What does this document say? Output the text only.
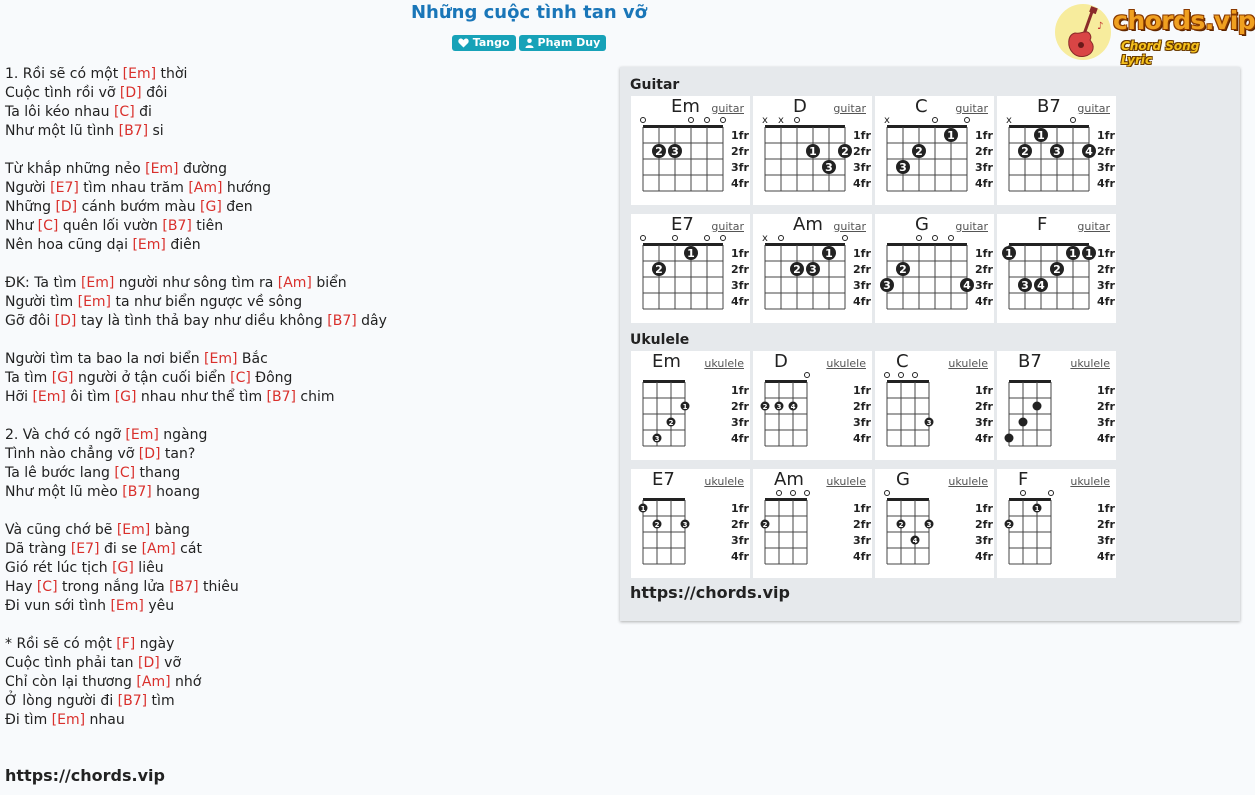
Những cuộc tình tan vỡ
Tango	Phạm Duy
♪ chords.vip
Chord Song Lyric
1. Rồi sẽ có một [Em] thời
Cuộc tình rồi vỡ [D] đôi
Ta lôi kéo nhau [C] đi
Như một lũ tình [B7] si
Từ khắp những nẻo [Em] đường
Người [E7] tìm nhau trăm [Am] hướng
Những [D] cánh bướm màu [G] đen
Như [C] quên lối vườn [B7] tiên
Nên hoa cũng dại [Em] điên
ĐK: Ta tìm [Em] người như sông tìm ra [Am] biển
Người tìm [Em] ta như biển ngược về sông
Gỡ đôi [D] tay là tình thả bay như diều không [B7] dây
Người tìm ta bao la nơi biển [Em] Bắc
Ta tìm [G] người ở tận cuối biển [C] Đông
Hỡi [Em] ôi tìm [G] nhau như thể tìm [B7] chim
2. Và chớ có ngỡ [Em] ngàng
Tình nào chẳng vỡ [D] tan?
Ta lê bước lang [C] thang
Như một lũ mèo [B7] hoang
Và cũng chớ bẽ [Em] bàng
Dã tràng [E7] đi se [Am] cát
Gió rét lúc tịch [G] liêu
Hay [C] trong nắng lửa [B7] thiêu
Đi vun sới tình [Em] yêu
* Rồi sẽ có một [F] ngày
Cuộc tình phải tan [D] vỡ
Chỉ còn lại thương [Am] nhớ
Ở lòng người đi [B7] tìm
Đi tìm [Em] nhau
https://chords.vip
Guitar
Ukulele
https://chords.vip
1fr
2fr
3fr
4fr
2 3
Em guitar
1fr
2fr
3fr
4fr
x x
1
3
2
D guitar
1fr
2fr
3fr
4fr
x
3
2
1
C	guitar
1fr
2fr
3fr
4fr
x
2
1
3 4
B7 guitar
1fr
2fr
3fr
4fr
2
1
E7 guitar
1fr
2fr
3fr
4fr
x
2 3
1
Am guitar
1fr
2fr
3fr
4fr
3
2
4
G guitar
1fr
2fr
3fr
4fr
1
3 4
2
1 1
F	guitar
1fr
2fr
3fr
4fr
3
2
1
Em ukulele
1fr
2fr
3fr
4fr
2 3 4
D	ukulele
1fr
2fr
3fr
4fr
3
C	ukulele
1fr
2fr
3fr
4fr
B7	ukulele
1fr
2fr
3fr
4fr
1
2	3
E7	ukulele
1fr
2fr
3fr
4fr
2
Am ukulele
1fr
2fr
3fr
4fr
2
4
3
G	ukulele
1fr
2fr
3fr
4fr
2
1
F	ukulele
